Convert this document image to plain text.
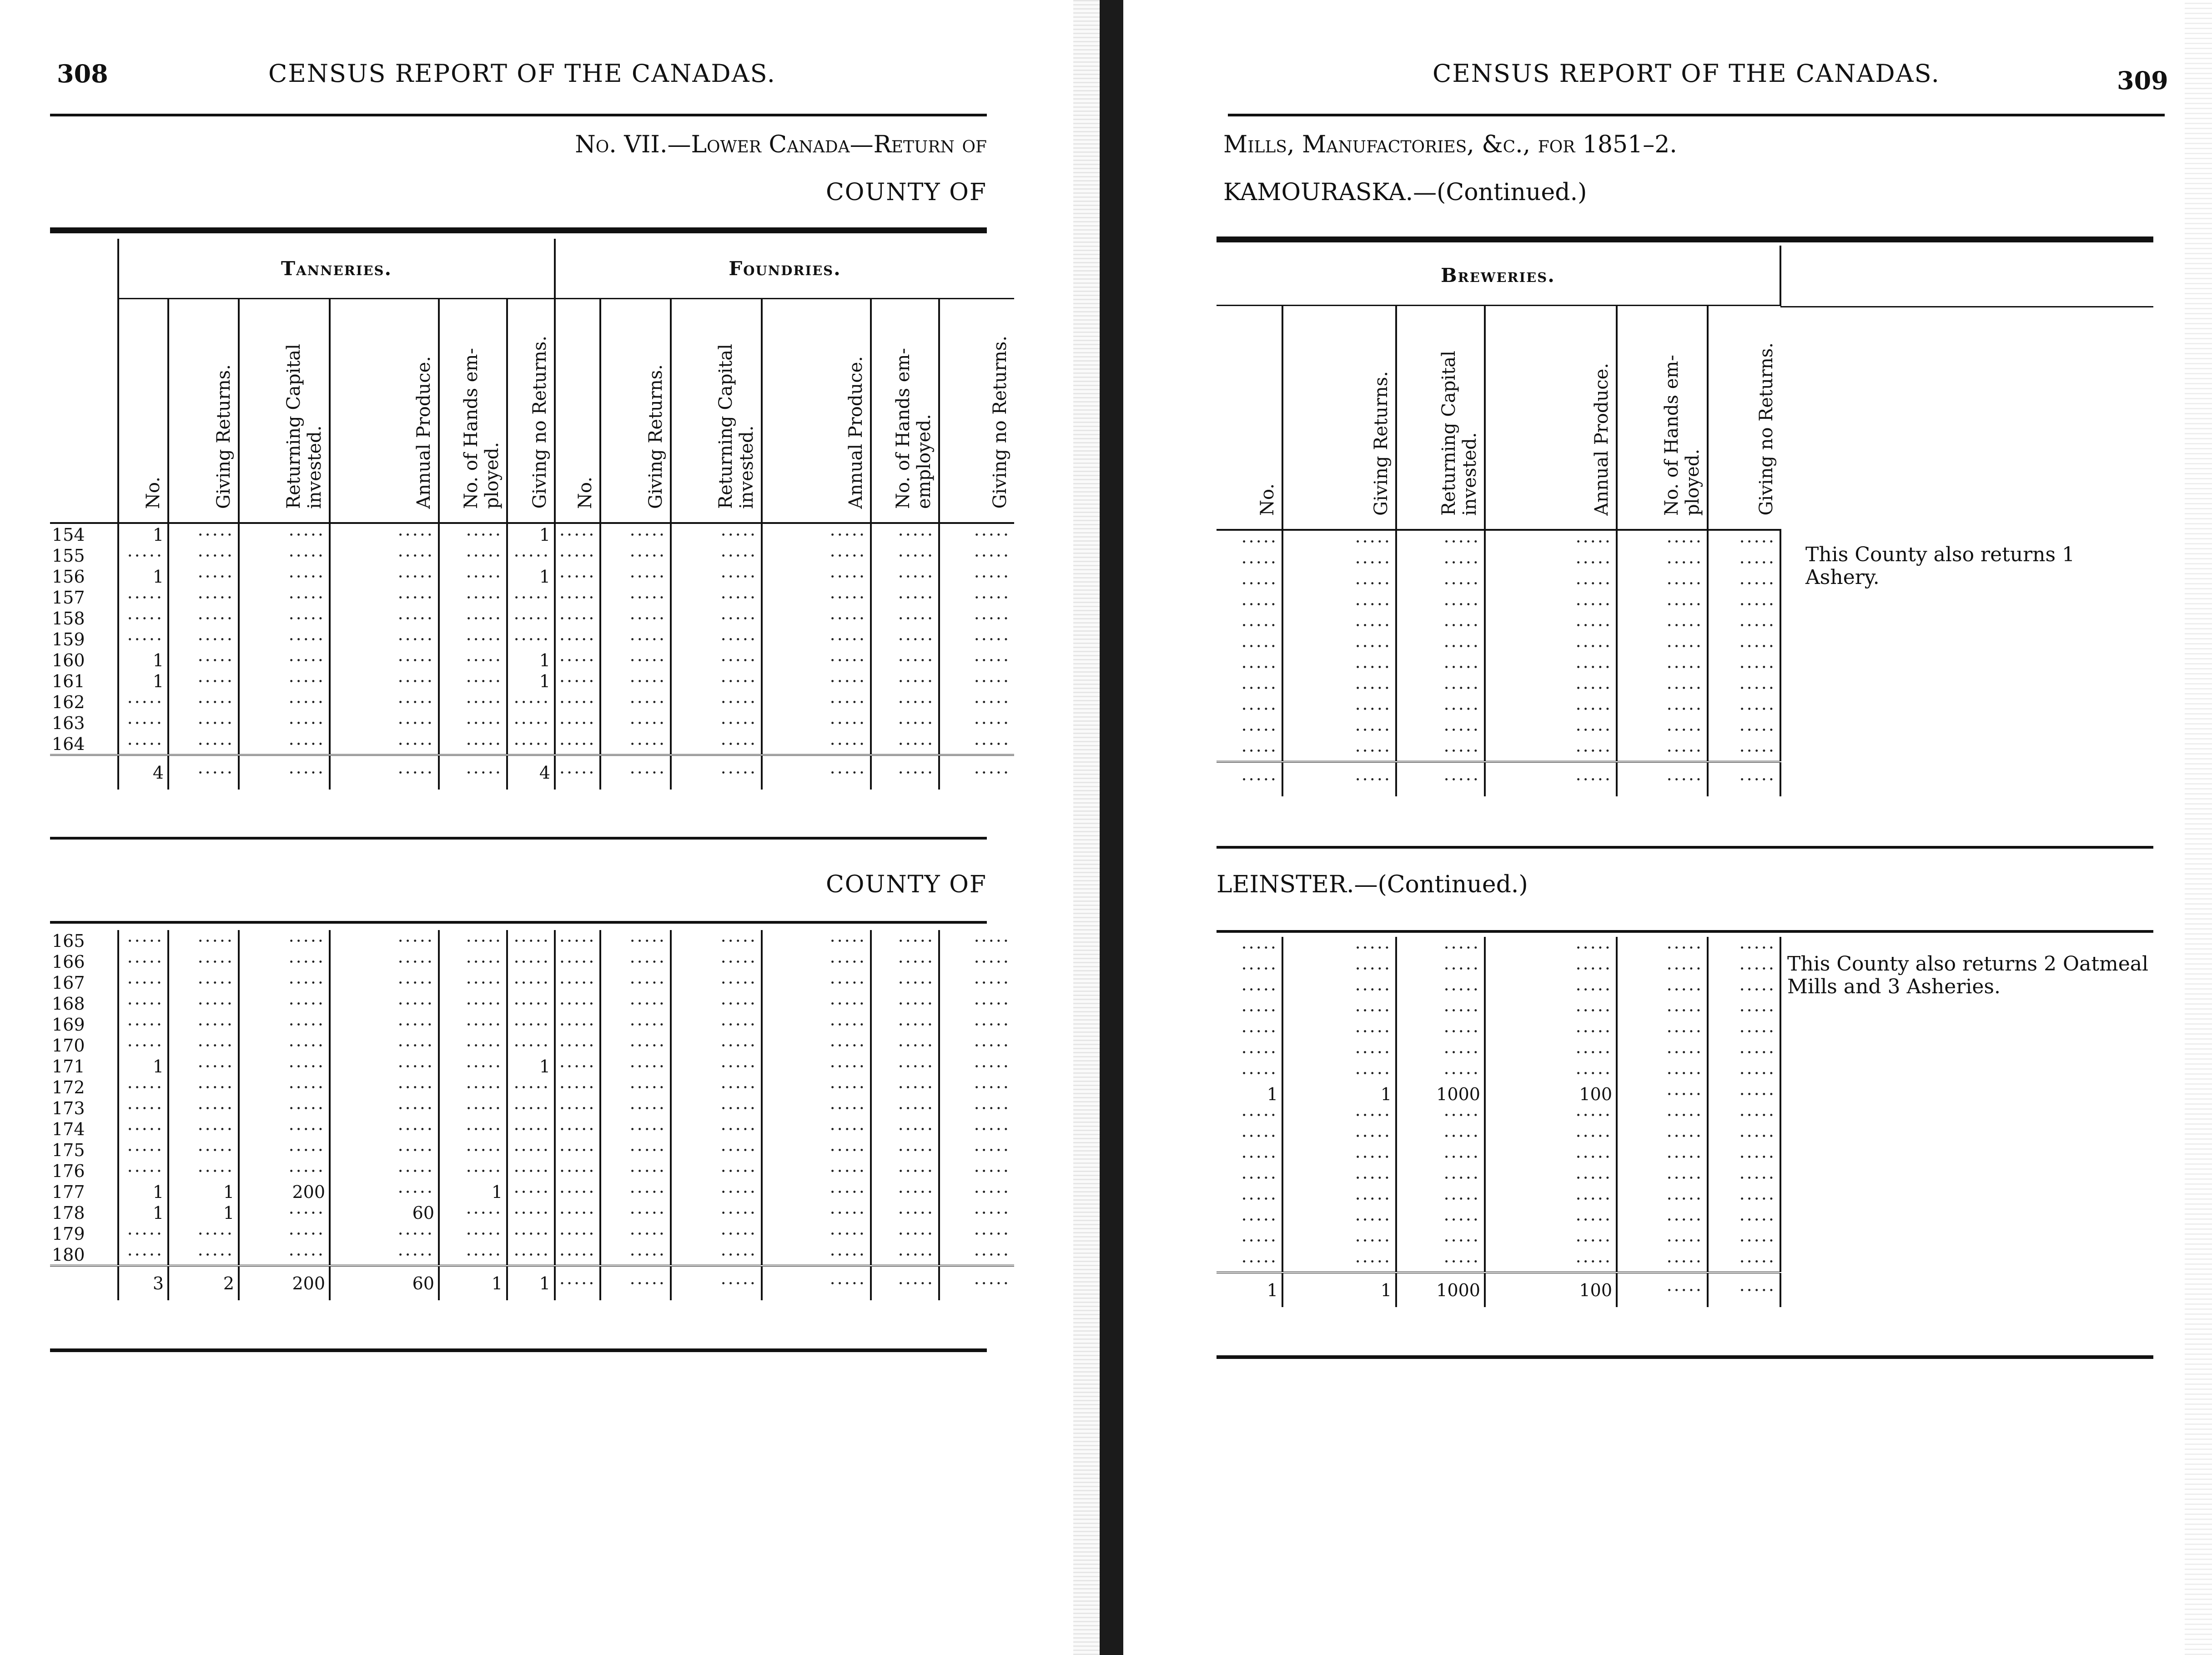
308	CENSUS REPORT OF THE CANADAS.
No. VII.—Lower Canada—Return of
COUNTY OF
	Tanneries.						Foundries.					
	No.	Giving Returns.	Returning Capital invested.	Annual Produce.	No. of Hands em-ployed.	Giving no Returns.	No.	Giving Returns.	Returning Capital invested.	Annual Produce.	No. of Hands em-employed.	Giving no Returns.
154	1	·····	·····	·····	·····	1	·····	·····	·····	·····	·····	·····
155	·····	·····	·····	·····	·····	·····	·····	·····	·····	·····	·····	·····
156	1	·····	·····	·····	·····	1	·····	·····	·····	·····	·····	·····
157	·····	·····	·····	·····	·····	·····	·····	·····	·····	·····	·····	·····
158	·····	·····	·····	·····	·····	·····	·····	·····	·····	·····	·····	·····
159	·····	·····	·····	·····	·····	·····	·····	·····	·····	·····	·····	·····
160	1	·····	·····	·····	·····	1	·····	·····	·····	·····	·····	·····
161	1	·····	·····	·····	·····	1	·····	·····	·····	·····	·····	·····
162	·····	·····	·····	·····	·····	·····	·····	·····	·····	·····	·····	·····
163	·····	·····	·····	·····	·····	·····	·····	·····	·····	·····	·····	·····
164	·····	·····	·····	·····	·····	·····	·····	·····	·····	·····	·····	·····
	4	·····	·····	·····	·····	4	·····	·····	·····	·····	·····	·····
COUNTY OF
165	·····	·····	·····	·····	·····	·····	·····	·····	·····	·····	·····	·····
166	·····	·····	·····	·····	·····	·····	·····	·····	·····	·····	·····	·····
167	·····	·····	·····	·····	·····	·····	·····	·····	·····	·····	·····	·····
168	·····	·····	·····	·····	·····	·····	·····	·····	·····	·····	·····	·····
169	·····	·····	·····	·····	·····	·····	·····	·····	·····	·····	·····	·····
170	·····	·····	·····	·····	·····	·····	·····	·····	·····	·····	·····	·····
171	1	·····	·····	·····	·····	1	·····	·····	·····	·····	·····	·····
172	·····	·····	·····	·····	·····	·····	·····	·····	·····	·····	·····	·····
173	·····	·····	·····	·····	·····	·····	·····	·····	·····	·····	·····	·····
174	·····	·····	·····	·····	·····	·····	·····	·····	·····	·····	·····	·····
175	·····	·····	·····	·····	·····	·····	·····	·····	·····	·····	·····	·····
176	·····	·····	·····	·····	·····	·····	·····	·····	·····	·····	·····	·····
177	1	1	200	·····	1	·····	·····	·····	·····	·····	·····	·····
178	1	1	·····	60	·····	·····	·····	·····	·····	·····	·····	·····
179	·····	·····	·····	·····	·····	·····	·····	·····	·····	·····	·····	·····
180	·····	·····	·····	·····	·····	·····	·····	·····	·····	·····	·····	·····
	3	2	200	60	1	1	·····	·····	·····	·····	·····	·····
CENSUS REPORT OF THE CANADAS.	309
Mills, Manufactories, &c., for 1851–2.
KAMOURASKA.—(Continued.)
Breweries.					
No.	Giving Returns.	Returning Capital invested.	Annual Produce.	No. of Hands em-ployed.	Giving no Returns.
·····	·····	·····	·····	·····	·····
·····	·····	·····	·····	·····	·····
·····	·····	·····	·····	·····	·····
·····	·····	·····	·····	·····	·····
·····	·····	·····	·····	·····	·····
·····	·····	·····	·····	·····	·····
·····	·····	·····	·····	·····	·····
·····	·····	·····	·····	·····	·····
·····	·····	·····	·····	·····	·····
·····	·····	·····	·····	·····	·····
·····	·····	·····	·····	·····	·····
·····	·····	·····	·····	·····	·····
This County also returns 1 Ashery.
LEINSTER.—(Continued.)
·····	·····	·····	·····	·····	·····
·····	·····	·····	·····	·····	·····
·····	·····	·····	·····	·····	·····
·····	·····	·····	·····	·····	·····
·····	·····	·····	·····	·····	·····
·····	·····	·····	·····	·····	·····
·····	·····	·····	·····	·····	·····
1	1	1000	100	·····	·····
·····	·····	·····	·····	·····	·····
·····	·····	·····	·····	·····	·····
·····	·····	·····	·····	·····	·····
·····	·····	·····	·····	·····	·····
·····	·····	·····	·····	·····	·····
·····	·····	·····	·····	·····	·····
·····	·····	·····	·····	·····	·····
·····	·····	·····	·····	·····	·····
1	1	1000	100	·····	·····
This County also returns 2 Oatmeal Mills and 3 Asheries.
